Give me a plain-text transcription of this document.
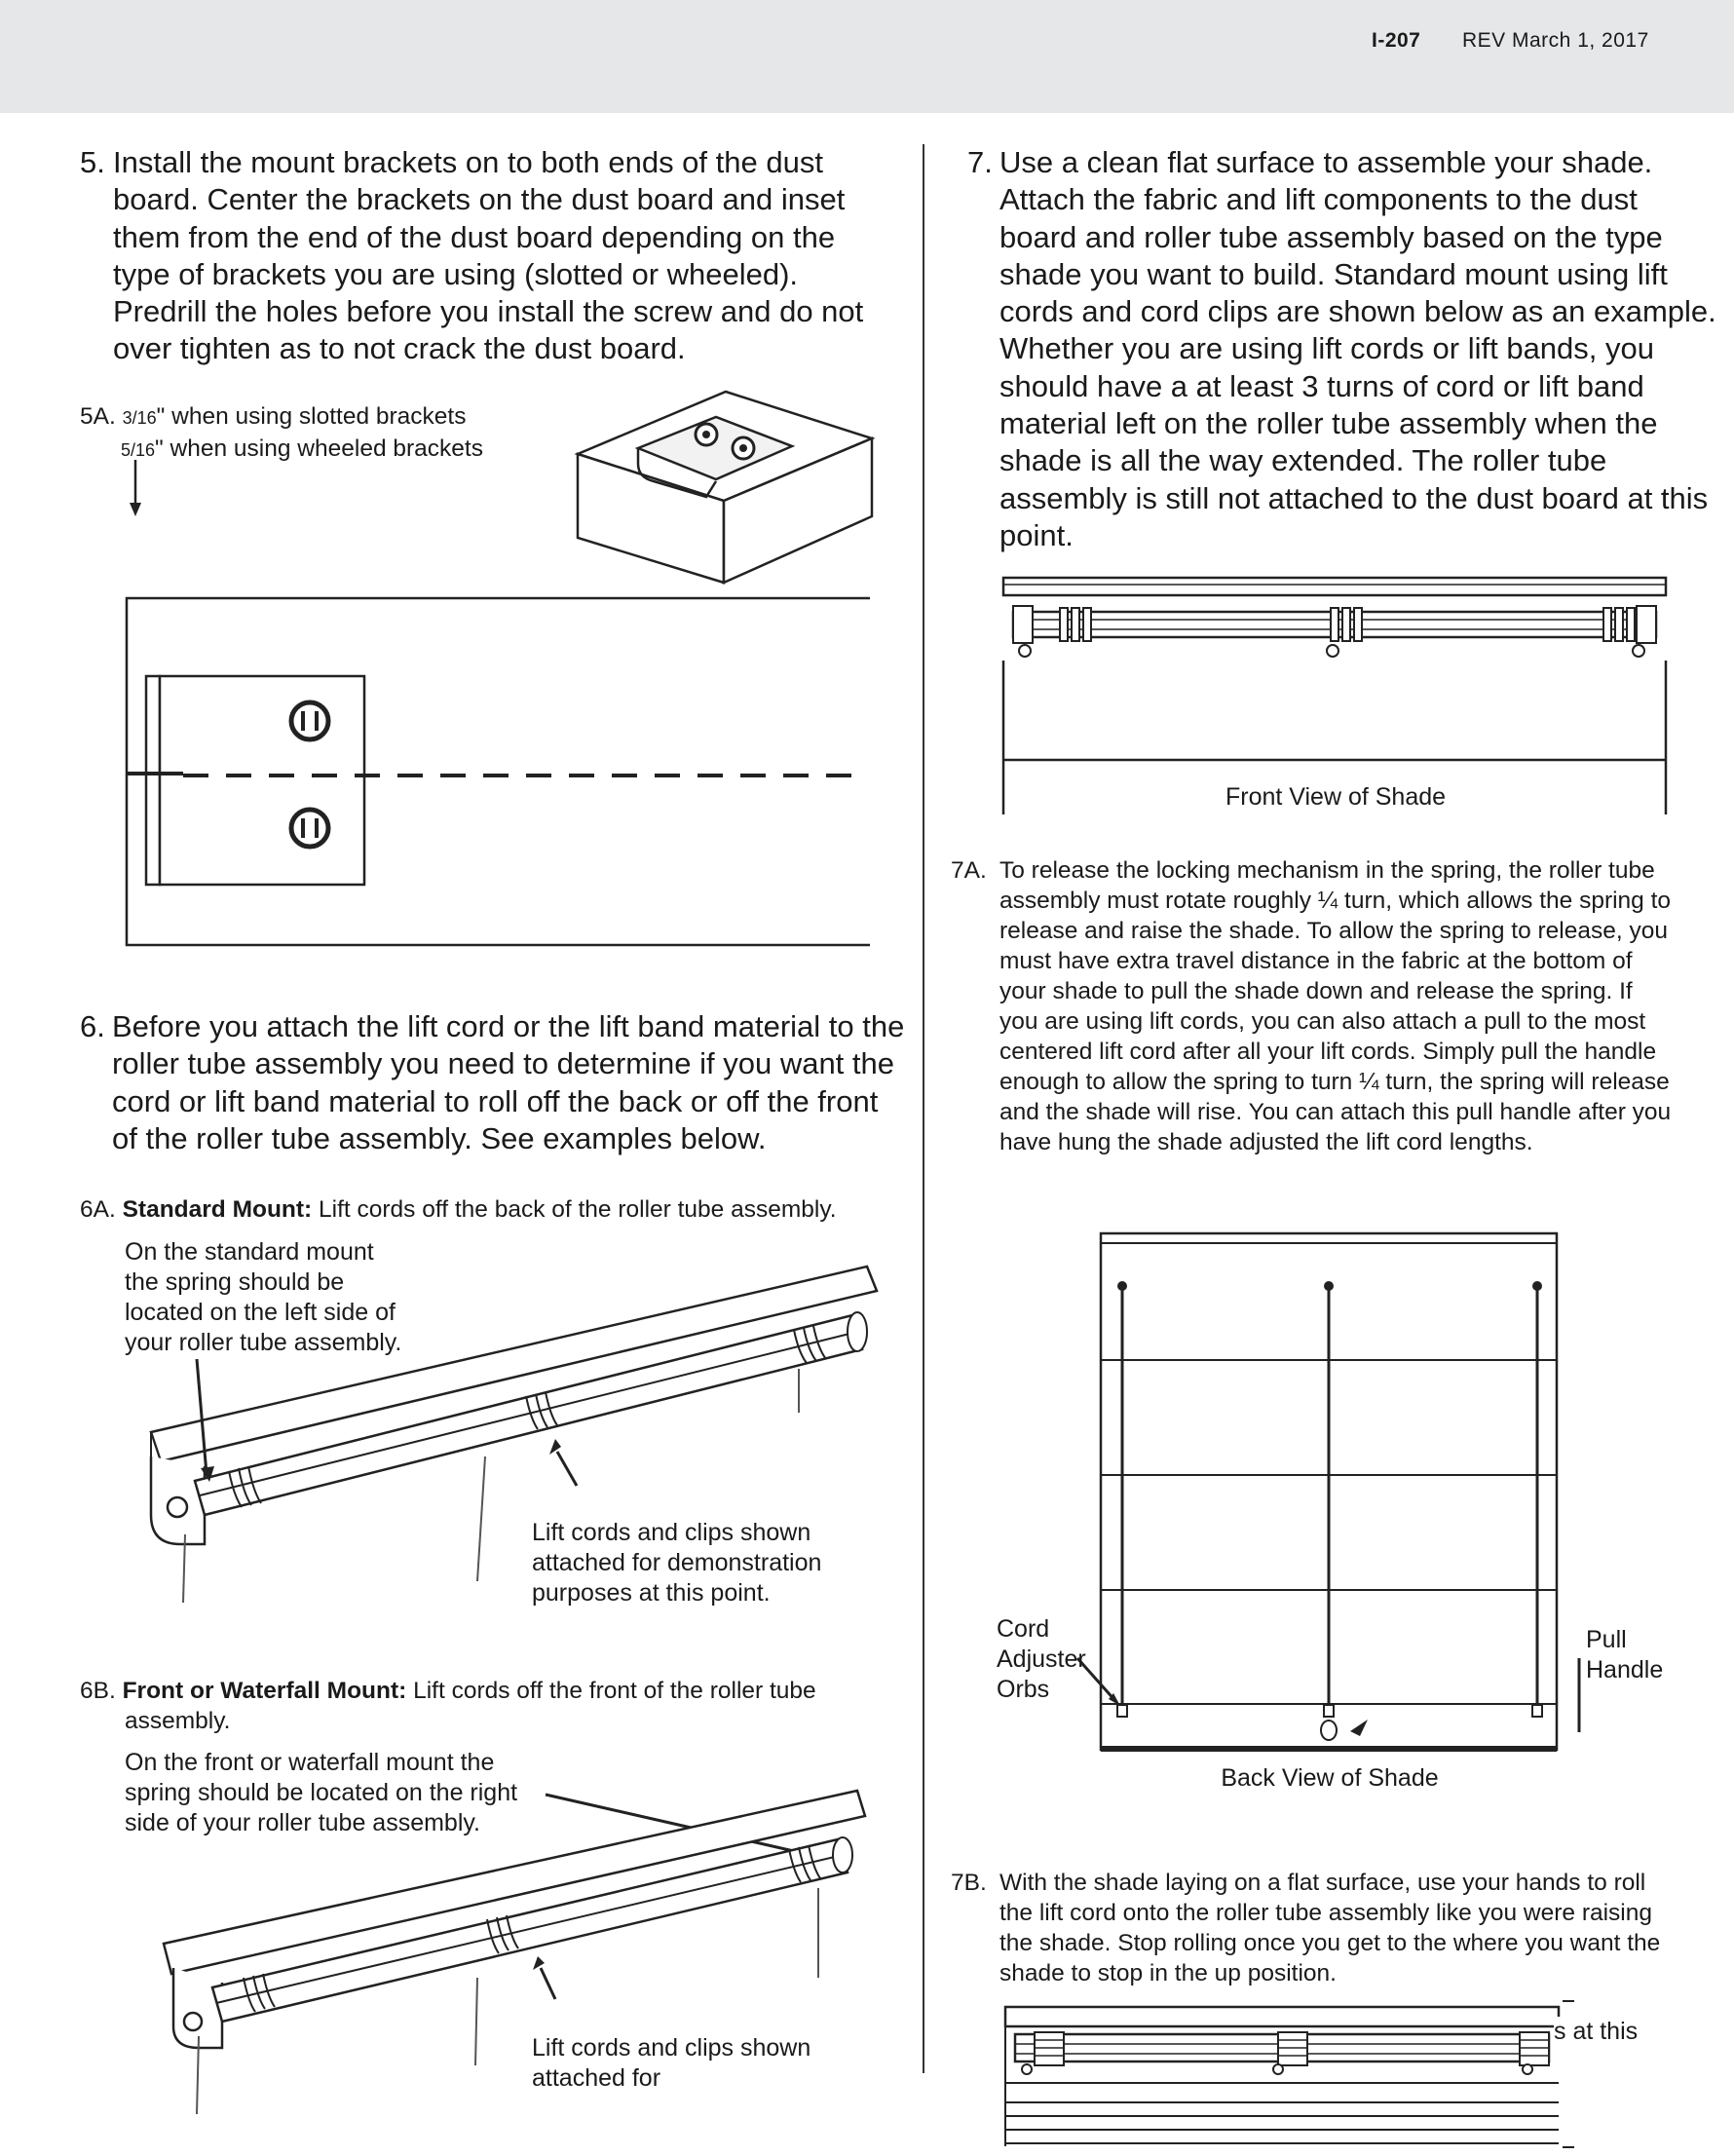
I-207 REV March 1, 2017
5. Install the mount brackets on to both ends of the dust board. Center the brackets on the dust board and inset them from the end of the dust board depending on the type of brackets you are using (slotted or wheeled). Predrill the holes before you install the screw and do not over tighten as to not crack the dust board.
5A. 3/16" when using slotted brackets
5/16" when using wheeled brackets
6. Before you attach the lift cord or the lift band material to the roller tube assembly you need to determine if you want the cord or lift band material to roll off the back or off the front of the roller tube assembly. See examples below.
6A. Standard Mount: Lift cords off the back of the roller tube assembly.
On the standard mount the spring should be located on the left side of your roller tube assembly.
Lift cords and clips shown attached for demonstration purposes at this point.
6B. Front or Waterfall Mount: Lift cords off the front of the roller tube assembly.
On the front or waterfall mount the spring should be located on the right side of your roller tube assembly.
Lift cords and clips shown attached for
7. Use a clean flat surface to assemble your shade. Attach the fabric and lift components to the dust board and roller tube assembly based on the type shade you want to build. Standard mount using lift cords and cord clips are shown below as an example. Whether you are using lift cords or lift bands, you should have a at least 3 turns of cord or lift band material left on the roller tube assembly when the shade is all the way extended. The roller tube assembly is still not attached to the dust board at this point.
Front View of Shade
7A. To release the locking mechanism in the spring, the roller tube assembly must rotate roughly ¼ turn, which allows the spring to release and raise the shade. To allow the spring to release, you must have extra travel distance in the fabric at the bottom of your shade to pull the shade down and release the spring. If you are using lift cords, you can also attach a pull to the most centered lift cord after all your lift cords. Simply pull the handle enough to allow the spring to turn ¼ turn, the spring will release and the shade will rise. You can attach this pull handle after you have hung the shade adjusted the lift cord lengths.
Cord Adjuster Orbs
Pull Handle
Back View of Shade
7B. With the shade laying on a flat surface, use your hands to roll the lift cord onto the roller tube assembly like you were raising the shade. Stop rolling once you get to the where you want the shade to stop in the up position.
s at this
